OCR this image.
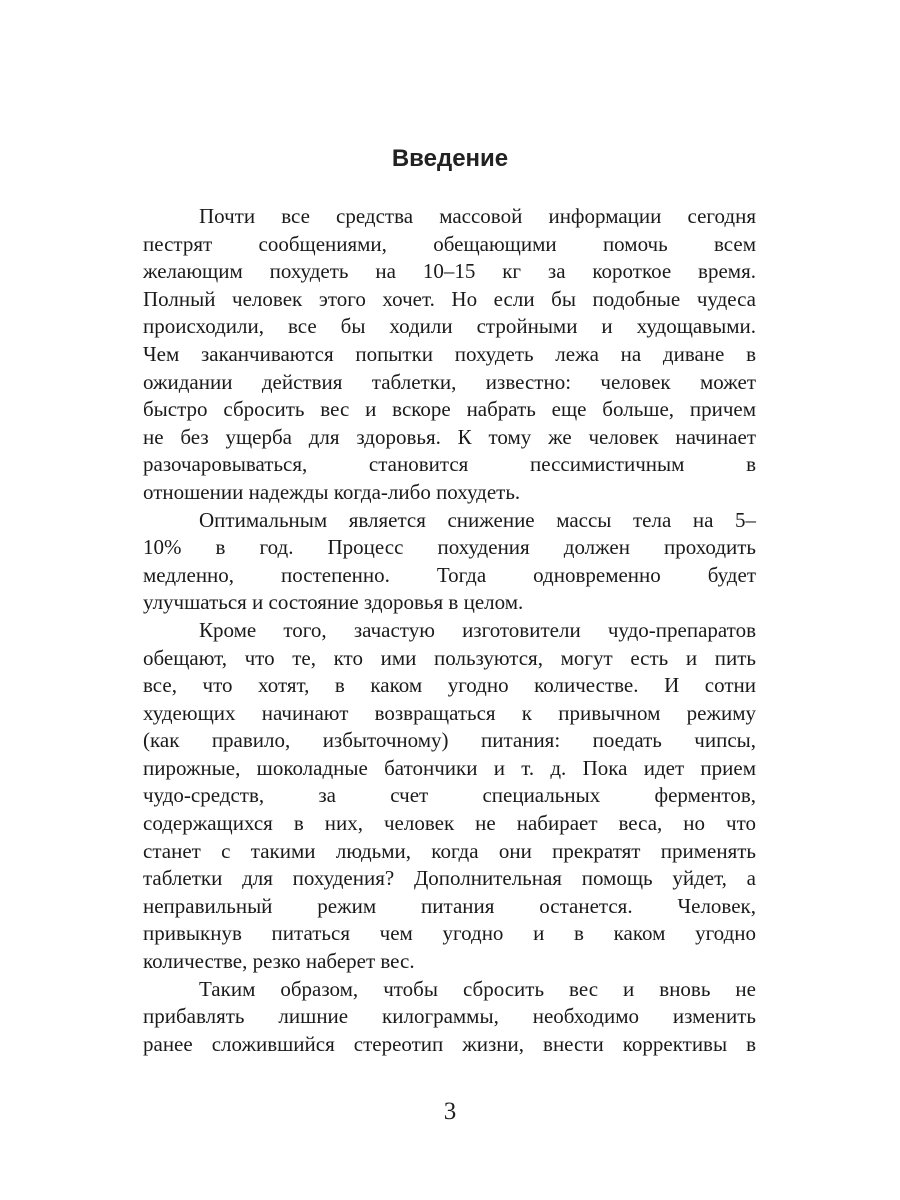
Введение

Почти все средства массовой информации сегодня
пестрят сообщениями, обещающими помочь всем
желающим похудеть на 10–15 кг за короткое время.
Полный человек этого хочет. Но если бы подобные чудеса
происходили, все бы ходили стройными и худощавыми.
Чем заканчиваются попытки похудеть лежа на диване в
ожидании действия таблетки, известно: человек может
быстро сбросить вес и вскоре набрать еще больше, причем
не без ущерба для здоровья. К тому же человек начинает
разочаровываться, становится пессимистичным в
отношении надежды когда-либо похудеть.

Оптимальным является снижение массы тела на 5–
10% в год. Процесс похудения должен проходить
медленно, постепенно. Тогда одновременно будет
улучшаться и состояние здоровья в целом.

Кроме того, зачастую изготовители чудо-препаратов
обещают, что те, кто ими пользуются, могут есть и пить
все, что хотят, в каком угодно количестве. И сотни
худеющих начинают возвращаться к привычном режиму
(как правило, избыточному) питания: поедать чипсы,
пирожные, шоколадные батончики и т. д. Пока идет прием
чудо-средств, за счет специальных ферментов,
содержащихся в них, человек не набирает веса, но что
станет с такими людьми, когда они прекратят применять
таблетки для похудения? Дополнительная помощь уйдет, а
неправильный режим питания останется. Человек,
привыкнув питаться чем угодно и в каком угодно
количестве, резко наберет вес.

Таким образом, чтобы сбросить вес и вновь не
прибавлять лишние килограммы, необходимо изменить
ранее сложившийся стереотип жизни, внести коррективы в

3
